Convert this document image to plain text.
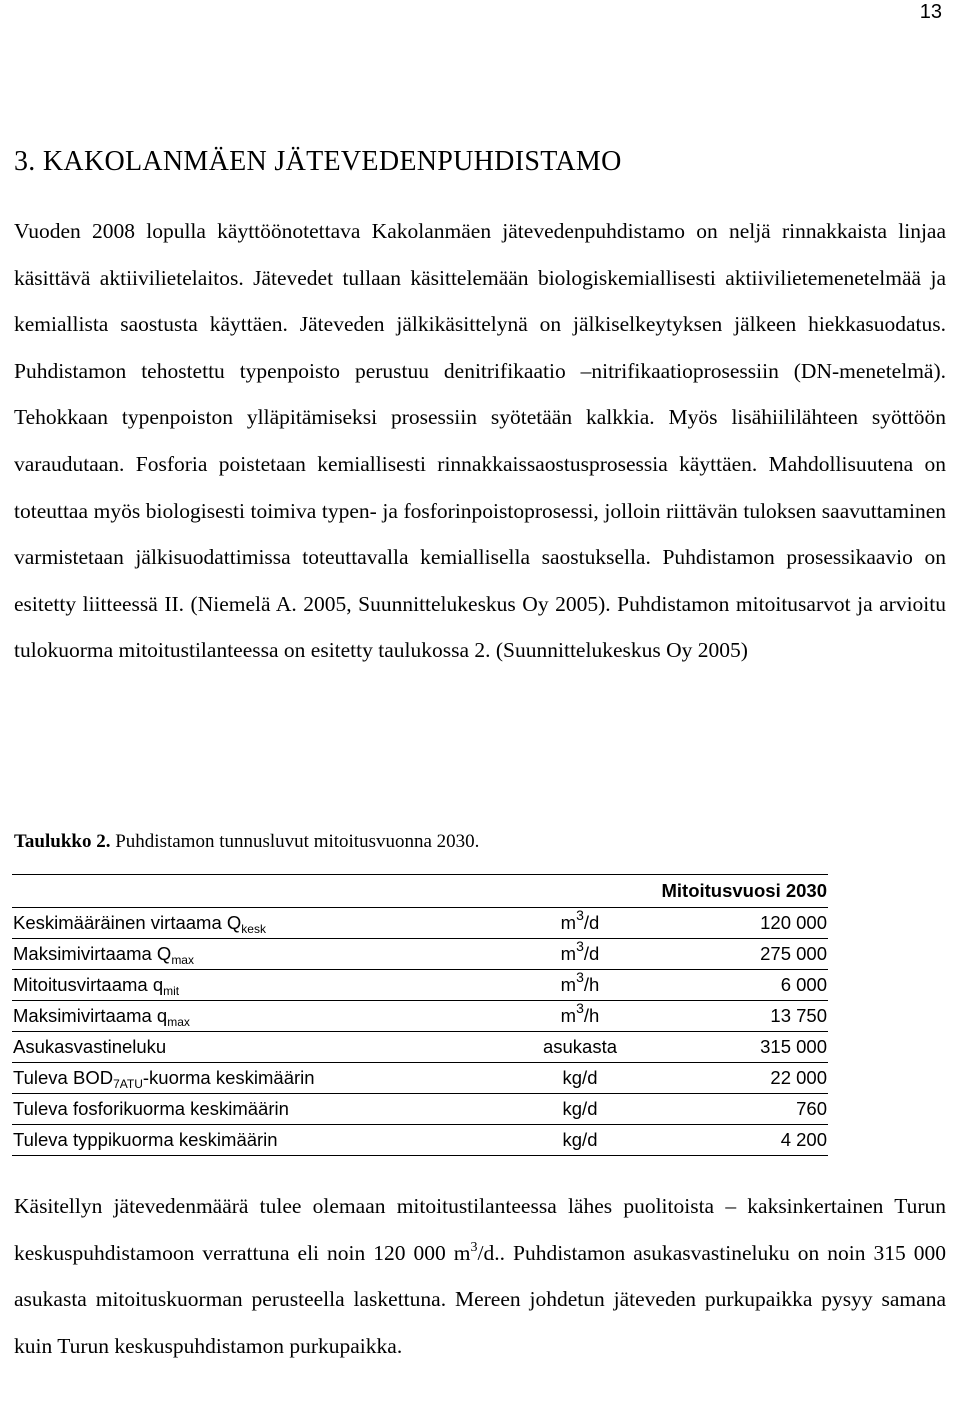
13
3. KAKOLANMÄEN JÄTEVEDENPUHDISTAMO

Vuoden 2008 lopulla käyttöönotettava Kakolanmäen jätevedenpuhdistamo on neljä rinnakkaista linjaa käsittävä aktiivilietelaitos. Jätevedet tullaan käsittelemään biologiskemiallisesti aktiivilietemenetelmää ja kemiallista saostusta käyttäen. Jäteveden jälkikäsittelynä on jälkiselkeytyksen jälkeen hiekkasuodatus. Puhdistamon tehostettu typenpoisto perustuu denitrifikaatio –nitrifikaatioprosessiin (DN-menetelmä). Tehokkaan typenpoiston ylläpitämiseksi prosessiin syötetään kalkkia. Myös lisähiililähteen syöttöön varaudutaan. Fosforia poistetaan kemiallisesti rinnakkaissaostusprosessia käyttäen. Mahdollisuutena on toteuttaa myös biologisesti toimiva typen- ja fosforinpoistoprosessi, jolloin riittävän tuloksen saavuttaminen varmistetaan jälkisuodattimissa toteuttavalla kemiallisella saostuksella. Puhdistamon prosessikaavio on esitetty liitteessä II. (Niemelä A. 2005, Suunnittelukeskus Oy 2005). Puhdistamon mitoitusarvot ja arvioitu tulokuorma mitoitustilanteessa on esitetty taulukossa 2. (Suunnittelukeskus Oy 2005)

Taulukko 2. Puhdistamon tunnusluvut mitoitusvuonna 2030.

		Mitoitusvuosi 2030
Keskimääräinen virtaama $Q_{kesk}$	$m^3/d$	120 000
Maksimivirtaama $Q_{max}$	$m^3/d$	275 000
Mitoitusvirtaama $q_{mit}$	$m^3/h$	6 000
Maksimivirtaama $q_{max}$	$m^3/h$	13 750
Asukasvastineluku	asukasta	315 000
Tuleva $BOD_{7ATU}$-kuorma keskimäärin	kg/d	22 000
Tuleva fosforikuorma keskimäärin	kg/d	760
Tuleva typpikuorma keskimäärin	kg/d	4 200

Käsitellyn jätevedenmäärä tulee olemaan mitoitustilanteessa lähes puolitoista – kaksinkertainen Turun keskuspuhdistamoon verrattuna eli noin 120 000 $m^3/d$.. Puhdistamon asukasvastineluku on noin 315 000 asukasta mitoituskuorman perusteella laskettuna. Mereen johdetun jäteveden purkupaikka pysyy samana kuin Turun keskuspuhdistamon purkupaikka.
